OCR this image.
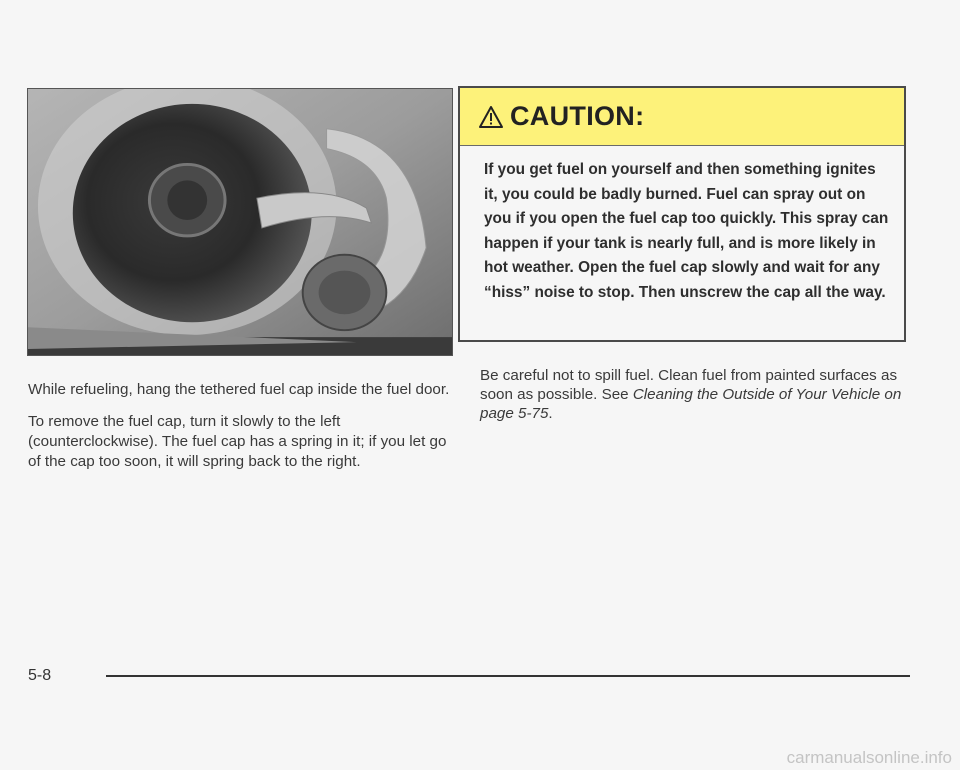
While refueling, hang the tethered fuel cap inside the fuel door.

To remove the fuel cap, turn it slowly to the left (counterclockwise). The fuel cap has a spring in it; if you let go of the cap too soon, it will spring back to the right.

CAUTION:
If you get fuel on yourself and then something ignites it, you could be badly burned. Fuel can spray out on you if you open the fuel cap too quickly. This spray can happen if your tank is nearly full, and is more likely in hot weather. Open the fuel cap slowly and wait for any “hiss” noise to stop. Then unscrew the cap all the way.

Be careful not to spill fuel. Clean fuel from painted surfaces as soon as possible. See Cleaning the Outside of Your Vehicle on page 5-75.

5-8
carmanualsonline.info
